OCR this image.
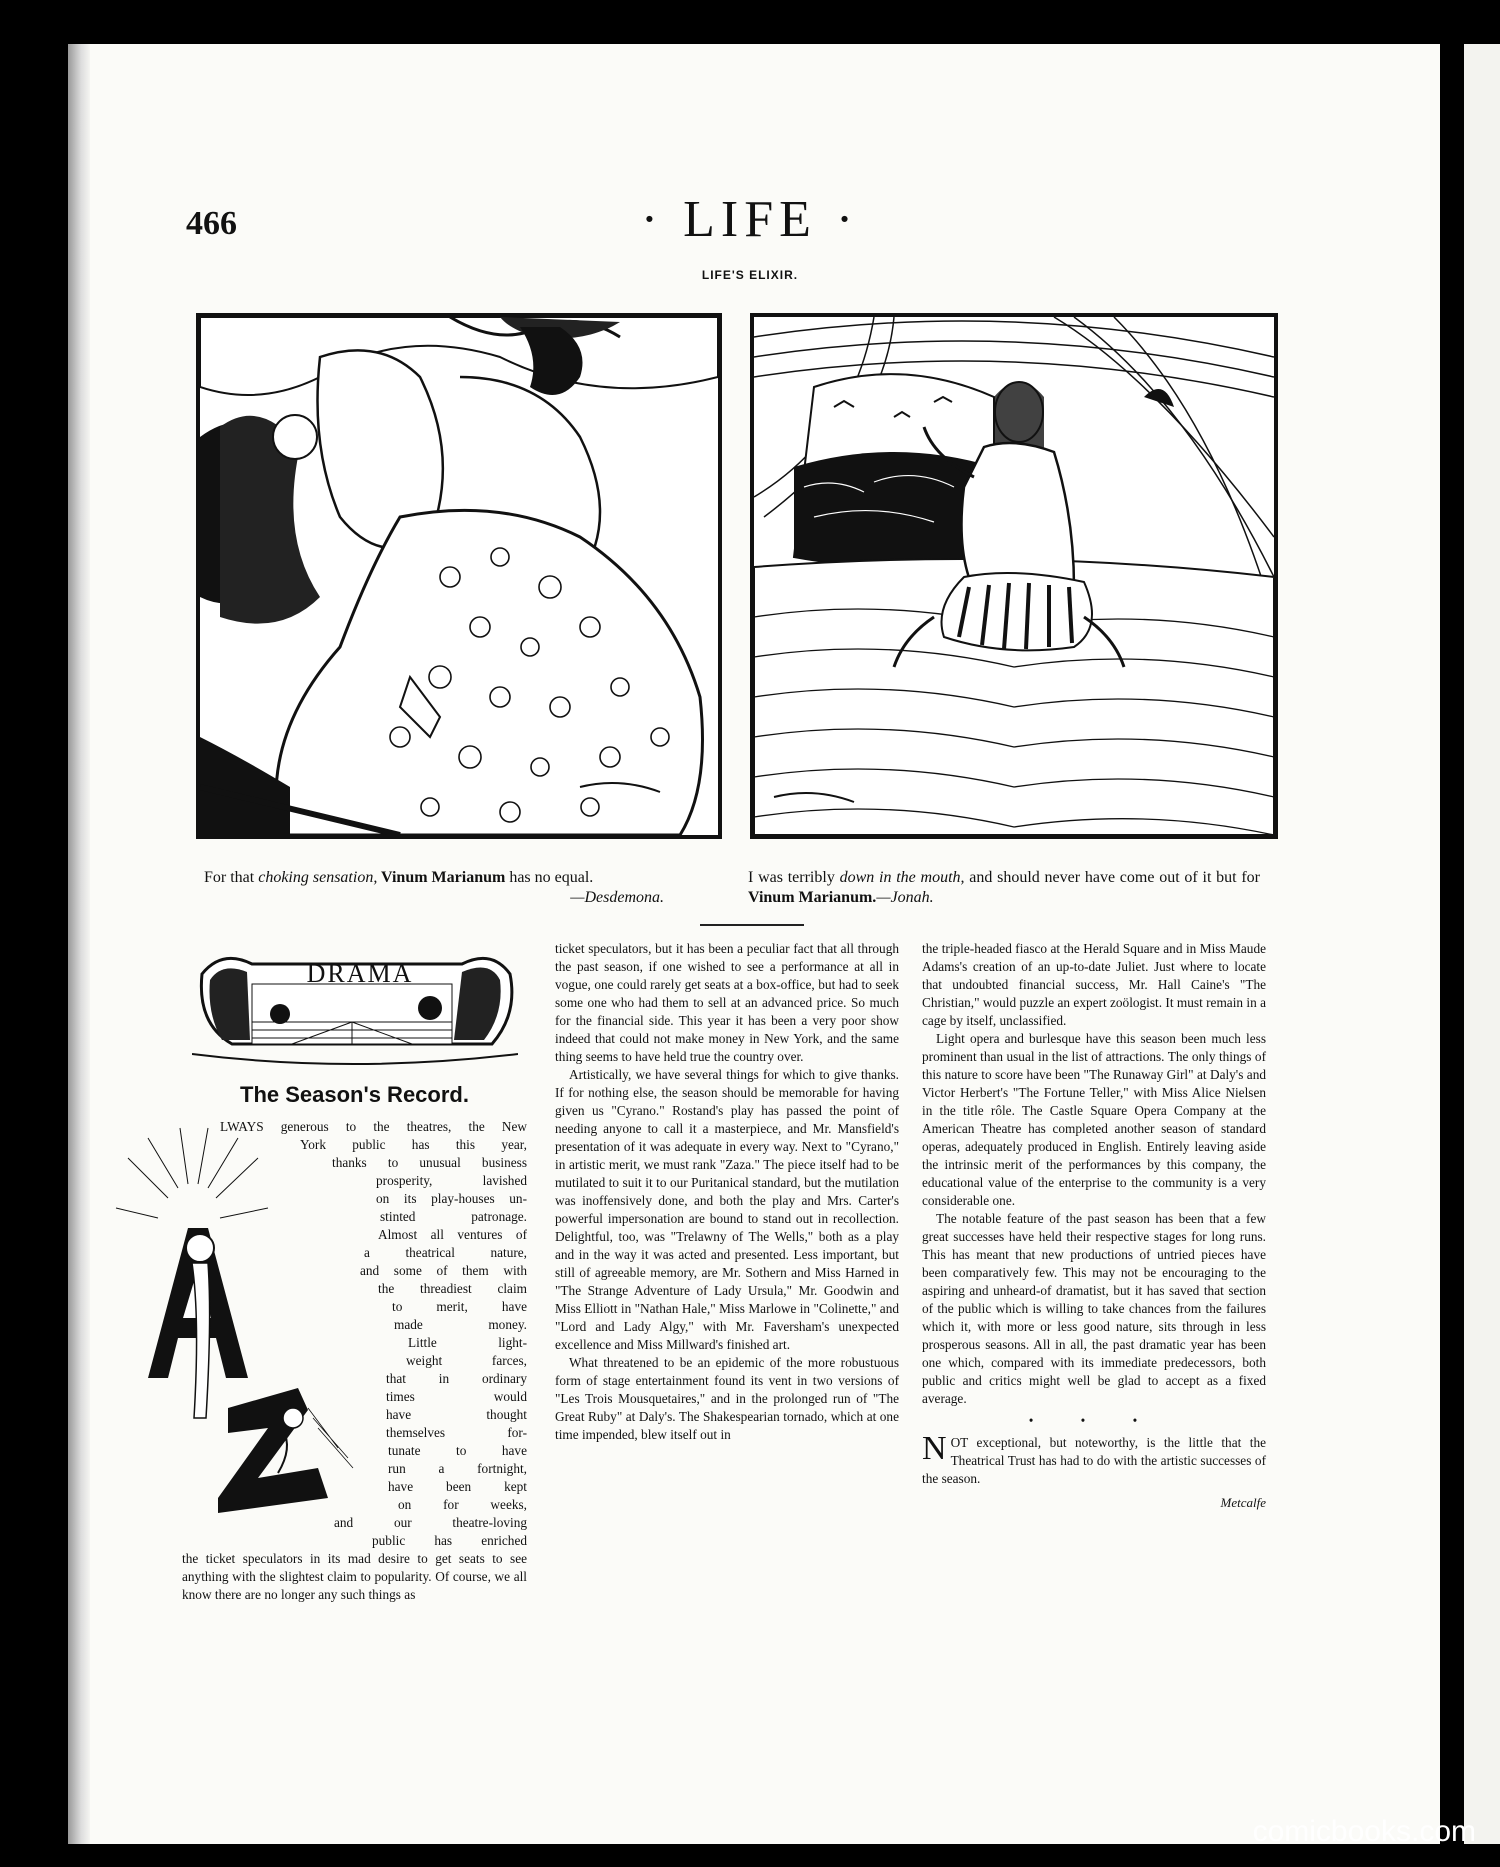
466	· LIFE ·
LIFE'S ELIXIR.
For that choking sensation, Vinum Marianum has no equal.
—Desdemona.
I was terribly down in the mouth, and should never have come out of it but for Vinum Marianum.—Jonah.
DRAMA
The Season's Record.
LWAYS generous to the theatres, the New
York public has this year,
thanks to unusual business
prosperity, lavished
on its play-houses un-
stinted patronage.
Almost all ventures of
a theatrical nature,
and some of them with
the threadiest claim
to merit, have
made money.
Little light-
weight farces,
that in ordinary
times would
have thought
themselves for-
tunate to have
run a fortnight,
have been kept
on for weeks,
and our theatre-loving
public has enriched
the ticket speculators in its mad desire to get seats to see anything with the slightest claim to popularity. Of course, we all know there are no longer any such things as

ticket speculators, but it has been a peculiar fact that all through the past season, if one wished to see a performance at all in vogue, one could rarely get seats at a box-office, but had to seek some one who had them to sell at an advanced price. So much for the financial side. This year it has been a very poor show indeed that could not make money in New York, and the same thing seems to have held true the country over.

Artistically, we have several things for which to give thanks. If for nothing else, the season should be memorable for having given us "Cyrano." Rostand's play has passed the point of needing anyone to call it a masterpiece, and Mr. Mansfield's presentation of it was adequate in every way. Next to "Cyrano," in artistic merit, we must rank "Zaza." The piece itself had to be mutilated to suit it to our Puritanical standard, but the mutilation was inoffensively done, and both the play and Mrs. Carter's powerful impersonation are bound to stand out in recollection. Delightful, too, was "Trelawny of The Wells," both as a play and in the way it was acted and presented. Less important, but still of agreeable memory, are Mr. Sothern and Miss Harned in "The Strange Adventure of Lady Ursula," Mr. Goodwin and Miss Elliott in "Nathan Hale," Miss Marlowe in "Colinette," and "Lord and Lady Algy," with Mr. Faversham's unexpected excellence and Miss Millward's finished art.

What threatened to be an epidemic of the more robustuous form of stage entertainment found its vent in two versions of "Les Trois Mousquetaires," and in the prolonged run of "The Great Ruby" at Daly's. The Shakespearian tornado, which at one time impended, blew itself out in

the triple-headed fiasco at the Herald Square and in Miss Maude Adams's creation of an up-to-date Juliet. Just where to locate that undoubted financial success, Mr. Hall Caine's "The Christian," would puzzle an expert zoölogist. It must remain in a cage by itself, unclassified.

Light opera and burlesque have this season been much less prominent than usual in the list of attractions. The only things of this nature to score have been "The Runaway Girl" at Daly's and Victor Herbert's "The Fortune Teller," with Miss Alice Nielsen in the title rôle. The Castle Square Opera Company at the American Theatre has completed another season of standard operas, adequately produced in English. Entirely leaving aside the intrinsic merit of the performances by this company, the educational value of the enterprise to the community is a very considerable one.

The notable feature of the past season has been that a few great successes have held their respective stages for long runs. This has meant that new productions of untried pieces have been comparatively few. This may not be encouraging to the aspiring and unheard-of dramatist, but it has saved that section of the public which is willing to take chances from the failures which it, with more or less good nature, sits through in less prosperous seasons. All in all, the past dramatic year has been one which, compared with its immediate predecessors, both public and critics might well be glad to accept as a fixed average.

• • •
NOT exceptional, but noteworthy, is the little that the Theatrical Trust has had to do with the artistic successes of the season.
Metcalfe
comicbooks.com
